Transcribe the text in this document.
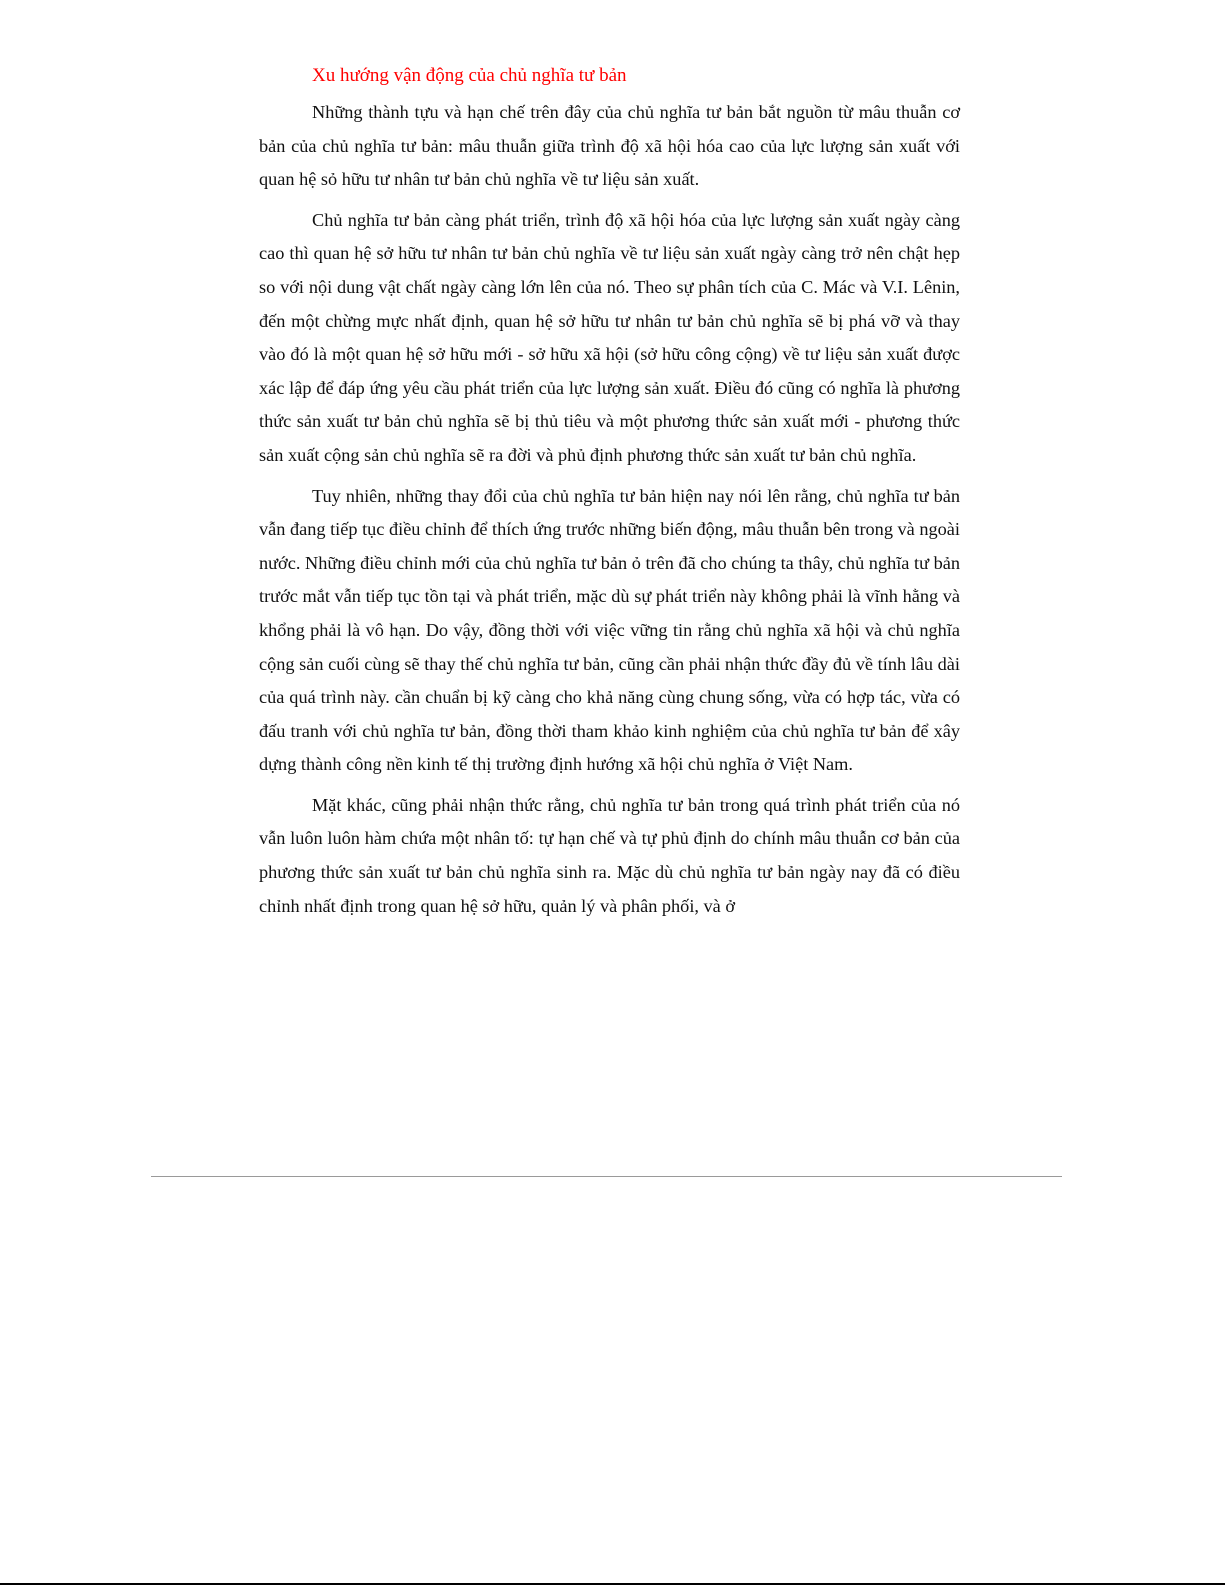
Xu hướng vận động của chủ nghĩa tư bản

Những thành tựu và hạn chế trên đây của chủ nghĩa tư bản bắt nguồn từ mâu thuẫn cơ bản của chủ nghĩa tư bản: mâu thuẫn giữa trình độ xã hội hóa cao của lực lượng sản xuất với quan hệ sỏ hữu tư nhân tư bản chủ nghĩa về tư liệu sản xuất.

Chủ nghĩa tư bản càng phát triển, trình độ xã hội hóa của lực lượng sản xuất ngày càng cao thì quan hệ sở hữu tư nhân tư bản chủ nghĩa về tư liệu sản xuất ngày càng trở nên chật hẹp so với nội dung vật chất ngày càng lớn lên của nó. Theo sự phân tích của C. Mác và V.I. Lênin, đến một chừng mực nhất định, quan hệ sở hữu tư nhân tư bản chủ nghĩa sẽ bị phá vỡ và thay vào đó là một quan hệ sở hữu mới - sở hữu xã hội (sở hữu công cộng) về tư liệu sản xuất được xác lập để đáp ứng yêu cầu phát triển của lực lượng sản xuất. Điều đó cũng có nghĩa là phương thức sản xuất tư bản chủ nghĩa sẽ bị thủ tiêu và một phương thức sản xuất mới - phương thức sản xuất cộng sản chủ nghĩa sẽ ra đời và phủ định phương thức sản xuất tư bản chủ nghĩa.

Tuy nhiên, những thay đổi của chủ nghĩa tư bản hiện nay nói lên rằng, chủ nghĩa tư bản vẫn đang tiếp tục điều chỉnh để thích ứng trước những biến động, mâu thuẫn bên trong và ngoài nước. Những điều chỉnh mới của chủ nghĩa tư bản ỏ trên đã cho chúng ta thây, chủ nghĩa tư bản trước mắt vẫn tiếp tục tồn tại và phát triển, mặc dù sự phát triển này không phải là vĩnh hằng và khổng phải là vô hạn. Do vậy, đồng thời với việc vững tin rằng chủ nghĩa xã hội và chủ nghĩa cộng sản cuối cùng sẽ thay thế chủ nghĩa tư bản, cũng cần phải nhận thức đầy đủ về tính lâu dài của quá trình này. cần chuẩn bị kỹ càng cho khả năng cùng chung sống, vừa có hợp tác, vừa có đấu tranh với chủ nghĩa tư bản, đồng thời tham khảo kinh nghiệm của chủ nghĩa tư bản để xây dựng thành công nền kinh tế thị trường định hướng xã hội chủ nghĩa ở Việt Nam.

Mặt khác, cũng phải nhận thức rằng, chủ nghĩa tư bản trong quá trình phát triển của nó vẫn luôn luôn hàm chứa một nhân tố: tự hạn chế và tự phủ định do chính mâu thuẫn cơ bản của phương thức sản xuất tư bản chủ nghĩa sinh ra. Mặc dù chủ nghĩa tư bản ngày nay đã có điều chỉnh nhất định trong quan hệ sở hữu, quản lý và phân phối, và ở
